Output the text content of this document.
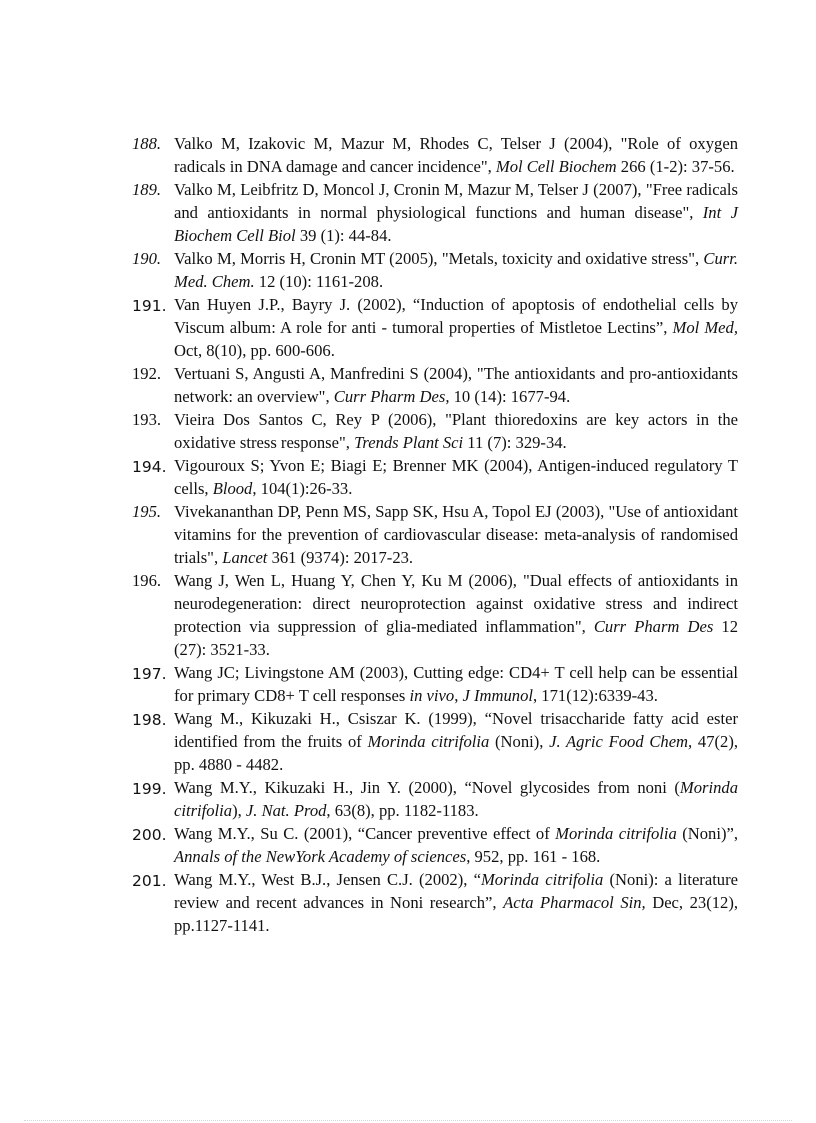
188. Valko M, Izakovic M, Mazur M, Rhodes C, Telser J (2004), "Role of oxygen radicals in DNA damage and cancer incidence", Mol Cell Biochem 266 (1-2): 37-56.
189. Valko M, Leibfritz D, Moncol J, Cronin M, Mazur M, Telser J (2007), "Free radicals and antioxidants in normal physiological functions and human disease", Int J Biochem Cell Biol 39 (1): 44-84.
190. Valko M, Morris H, Cronin MT (2005), "Metals, toxicity and oxidative stress", Curr. Med. Chem. 12 (10): 1161-208.
191. Van Huyen J.P., Bayry J. (2002), “Induction of apoptosis of endothelial cells by Viscum album: A role for anti - tumoral properties of Mistletoe Lectins”, Mol Med, Oct, 8(10), pp. 600-606.
192. Vertuani S, Angusti A, Manfredini S (2004), "The antioxidants and pro-antioxidants network: an overview", Curr Pharm Des, 10 (14): 1677-94.
193. Vieira Dos Santos C, Rey P (2006), "Plant thioredoxins are key actors in the oxidative stress response", Trends Plant Sci 11 (7): 329-34.
194. Vigouroux S; Yvon E; Biagi E; Brenner MK (2004), Antigen-induced regulatory T cells, Blood, 104(1):26-33.
195. Vivekananthan DP, Penn MS, Sapp SK, Hsu A, Topol EJ (2003), "Use of antioxidant vitamins for the prevention of cardiovascular disease: meta-analysis of randomised trials", Lancet 361 (9374): 2017-23.
196. Wang J, Wen L, Huang Y, Chen Y, Ku M (2006), "Dual effects of antioxidants in neurodegeneration: direct neuroprotection against oxidative stress and indirect protection via suppression of glia-mediated inflammation", Curr Pharm Des 12 (27): 3521-33.
197. Wang JC; Livingstone AM (2003), Cutting edge: CD4+ T cell help can be essential for primary CD8+ T cell responses in vivo, J Immunol, 171(12):6339-43.
198. Wang M., Kikuzaki H., Csiszar K. (1999), “Novel trisaccharide fatty acid ester identified from the fruits of Morinda citrifolia (Noni), J. Agric Food Chem, 47(2), pp. 4880 - 4482.
199. Wang M.Y., Kikuzaki H., Jin Y. (2000), “Novel glycosides from noni (Morinda citrifolia), J. Nat. Prod, 63(8), pp. 1182-1183.
200. Wang M.Y., Su C. (2001), “Cancer preventive effect of Morinda citrifolia (Noni)”, Annals of the NewYork Academy of sciences, 952, pp. 161 - 168.
201. Wang M.Y., West B.J., Jensen C.J. (2002), “Morinda citrifolia (Noni): a literature review and recent advances in Noni research”, Acta Pharmacol Sin, Dec, 23(12), pp.1127-1141.
